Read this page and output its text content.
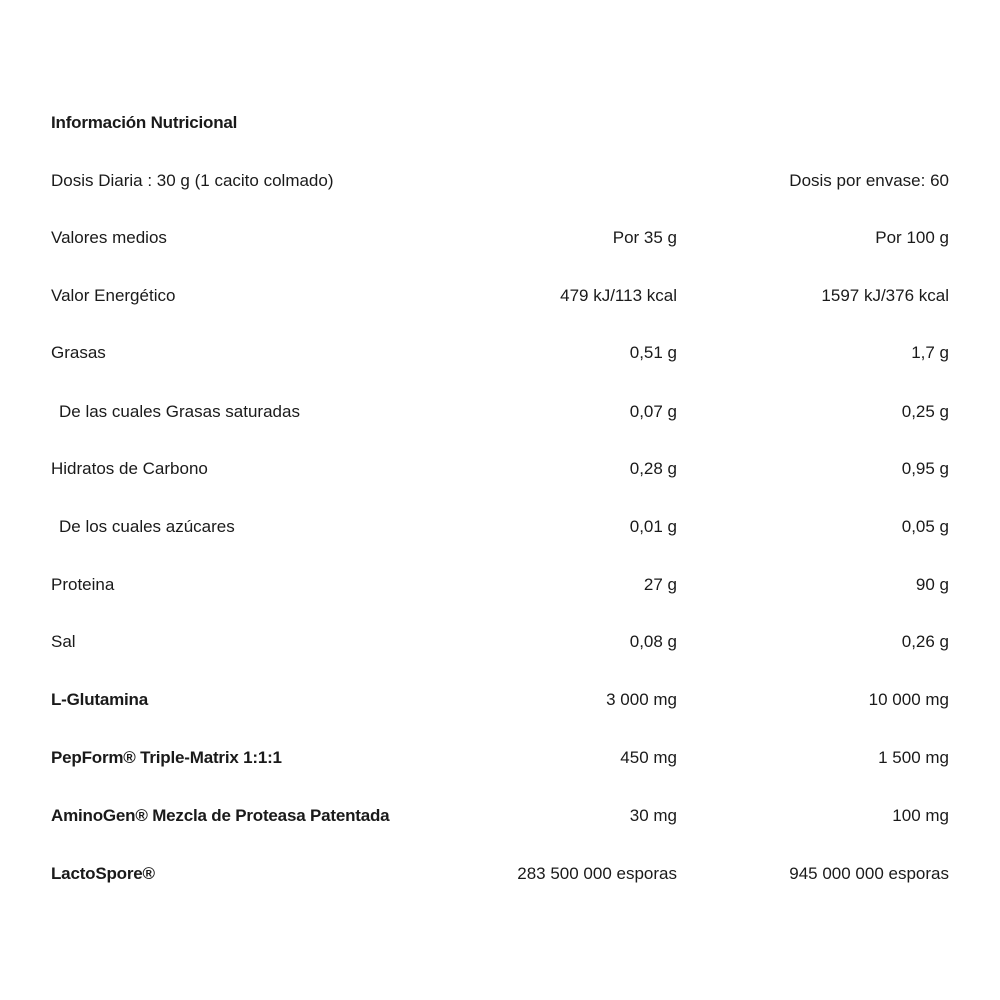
Información Nutricional
Dosis Diaria : 30 g (1 cacito colmado)	Dosis por envase: 60
Valores medios	Por 35 g	Por 100 g
Valor Energético	479 kJ/113 kcal	1597 kJ/376 kcal
Grasas	0,51 g	1,7 g
De las cuales Grasas saturadas	0,07 g	0,25 g
Hidratos de Carbono	0,28 g	0,95 g
De los cuales azúcares	0,01 g	0,05 g
Proteina	27 g	90 g
Sal	0,08 g	0,26 g
L-Glutamina	3 000 mg	10 000 mg
PepForm® Triple-Matrix 1:1:1	450 mg	1 500 mg
AminoGen® Mezcla de Proteasa Patentada	30 mg	100 mg
LactoSpore®	283 500 000 esporas	945 000 000 esporas
